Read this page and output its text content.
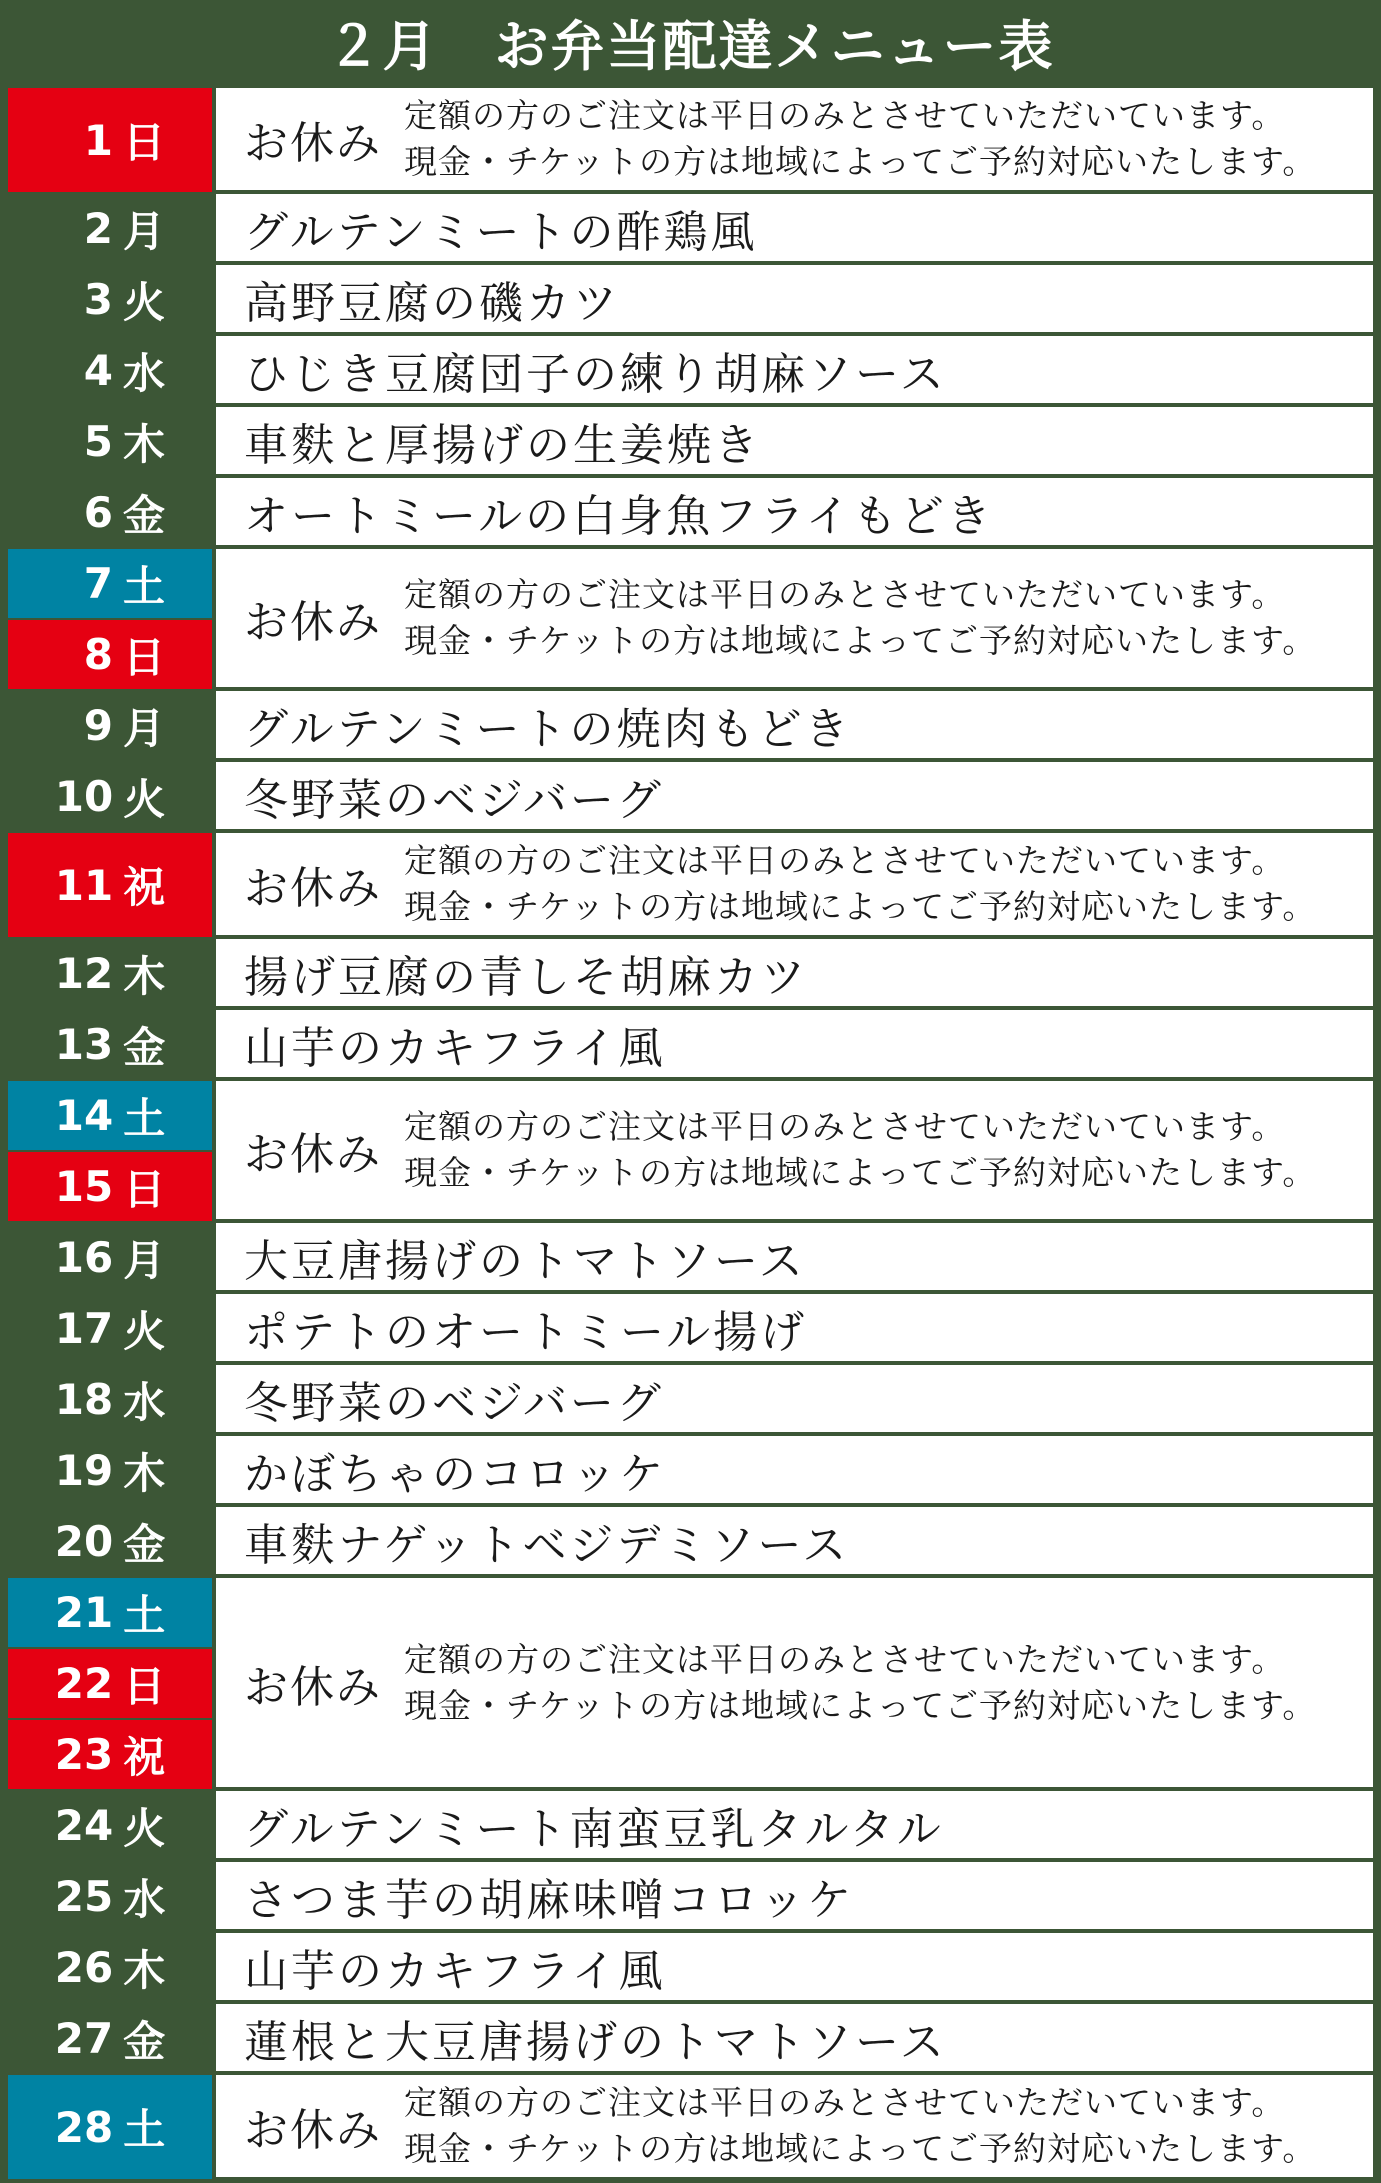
２月　お弁当配達メニュー表
1 日 お休み
定額の方のご注文は平日のみとさせていただいています。
現金・チケットの方は地域によってご予約対応いたします。
2 月 グルテンミートの酢鶏風
3 火 高野豆腐の磯カツ
4 水 ひじき豆腐団子の練り胡麻ソース
5 木 車麩と厚揚げの生姜焼き
6 金 オートミールの白身魚フライもどき
7 土
8 日
お休み
定額の方のご注文は平日のみとさせていただいています。
現金・チケットの方は地域によってご予約対応いたします。
9 月 グルテンミートの焼肉もどき
10 火 冬野菜のベジバーグ
11 祝 お休み
定額の方のご注文は平日のみとさせていただいています。
現金・チケットの方は地域によってご予約対応いたします。
12 木 揚げ豆腐の青しそ胡麻カツ
13 金 山芋のカキフライ風
14 土
15 日
お休み
定額の方のご注文は平日のみとさせていただいています。
現金・チケットの方は地域によってご予約対応いたします。
16 月 大豆唐揚げのトマトソース
17 火 ポテトのオートミール揚げ
18 水 冬野菜のベジバーグ
19 木 かぼちゃのコロッケ
20 金 車麩ナゲットベジデミソース
21 土
22 日
23 祝
お休み
定額の方のご注文は平日のみとさせていただいています。
現金・チケットの方は地域によってご予約対応いたします。
24 火 グルテンミート南蛮豆乳タルタル
25 水 さつま芋の胡麻味噌コロッケ
26 木 山芋のカキフライ風
27 金 蓮根と大豆唐揚げのトマトソース
28 土 お休み
定額の方のご注文は平日のみとさせていただいています。
現金・チケットの方は地域によってご予約対応いたします。
